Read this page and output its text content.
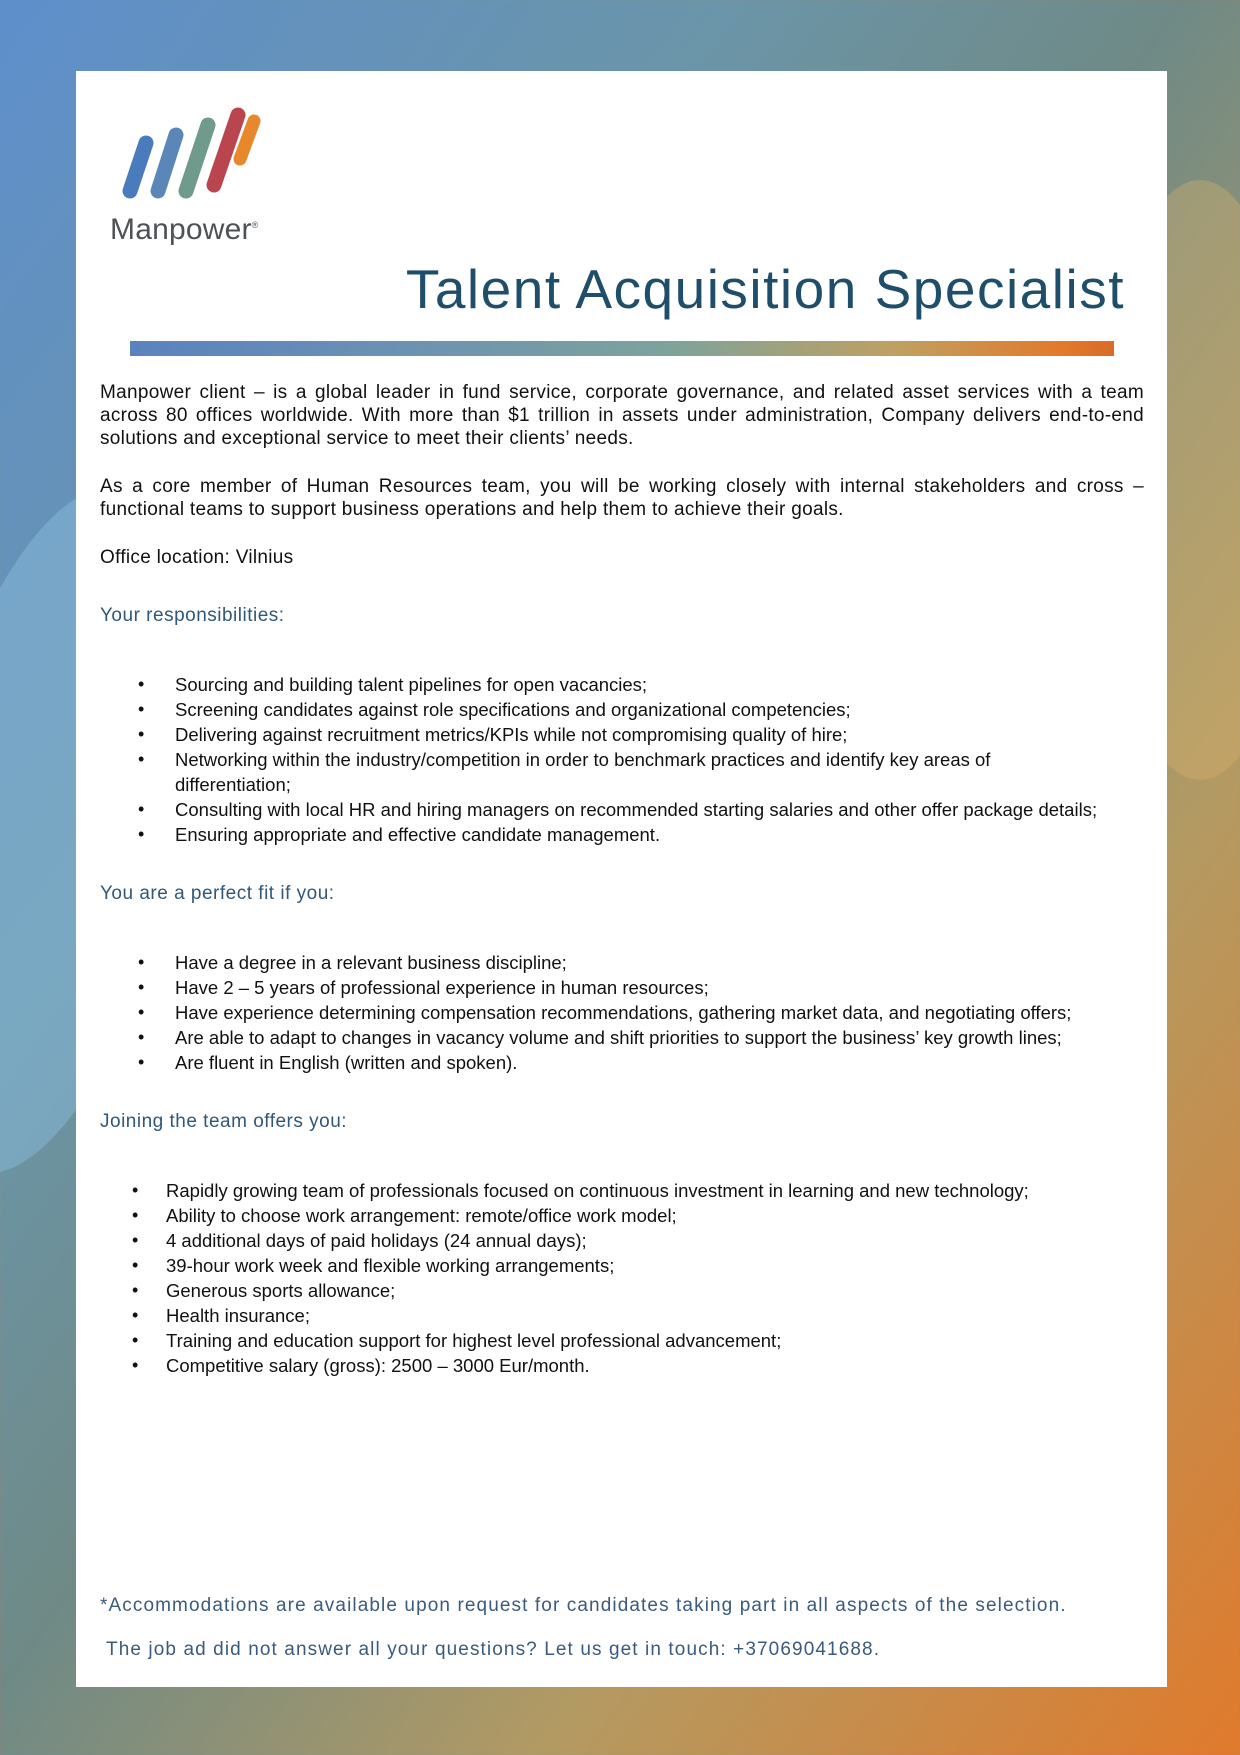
Manpower®
Talent Acquisition Specialist

Manpower client – is a global leader in fund service, corporate governance, and related asset services with a team across 80 offices worldwide. With more than $1 trillion in assets under administration, Company delivers end-to-end solutions and exceptional service to meet their clients’ needs.

As a core member of Human Resources team, you will be working closely with internal stakeholders and cross – functional teams to support business operations and help them to achieve their goals.

Office location: Vilnius
Your responsibilities:
• Sourcing and building talent pipelines for open vacancies;
• Screening candidates against role specifications and organizational competencies;
• Delivering against recruitment metrics/KPIs while not compromising quality of hire;
• Networking within the industry/competition in order to benchmark practices and identify key areas of differentiation;
• Consulting with local HR and hiring managers on recommended starting salaries and other offer package details;
• Ensuring appropriate and effective candidate management.
You are a perfect fit if you:
• Have a degree in a relevant business discipline;
• Have 2 – 5 years of professional experience in human resources;
• Have experience determining compensation recommendations, gathering market data, and negotiating offers;
• Are able to adapt to changes in vacancy volume and shift priorities to support the business’ key growth lines;
• Are fluent in English (written and spoken).
Joining the team offers you:
• Rapidly growing team of professionals focused on continuous investment in learning and new technology;
• Ability to choose work arrangement: remote/office work model;
• 4 additional days of paid holidays (24 annual days);
• 39-hour work week and flexible working arrangements;
• Generous sports allowance;
• Health insurance;
• Training and education support for highest level professional advancement;
• Competitive salary (gross): 2500 – 3000 Eur/month.
*Accommodations are available upon request for candidates taking part in all aspects of the selection.
The job ad did not answer all your questions? Let us get in touch: +37069041688.
